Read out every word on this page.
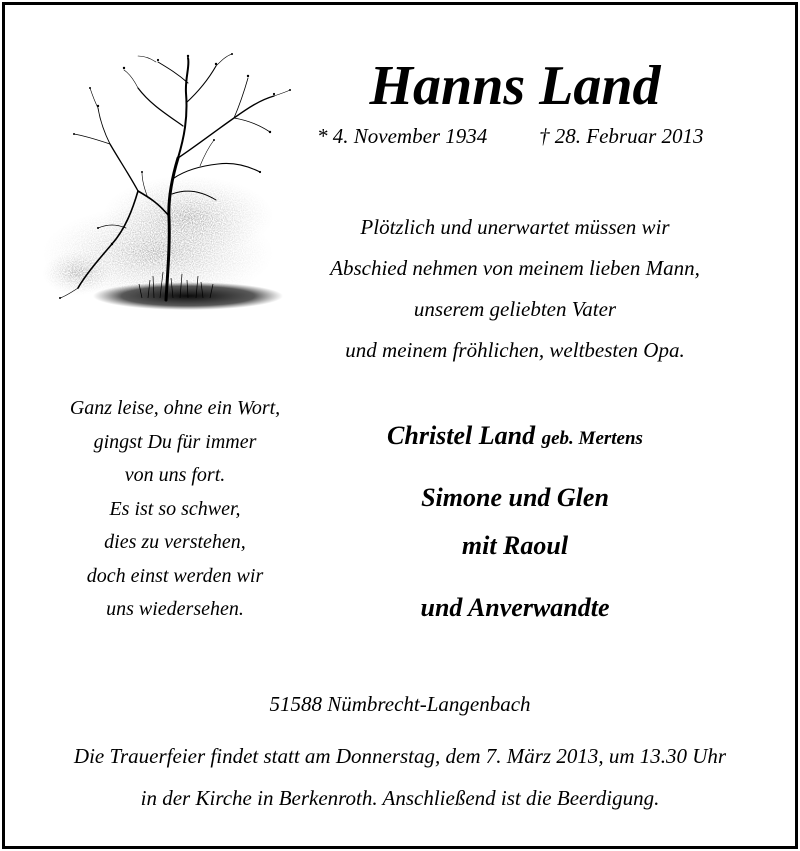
Hanns Land
* 4. November 1934 † 28. Februar 2013
Plötzlich und unerwartet müssen wir
Abschied nehmen von meinem lieben Mann,
unserem geliebten Vater
und meinem fröhlichen, weltbesten Opa.
Ganz leise, ohne ein Wort,
gingst Du für immer
von uns fort.
Es ist so schwer,
dies zu verstehen,
doch einst werden wir
uns wiedersehen.
Christel Land geb. Mertens
Simone und Glen
mit Raoul
und Anverwandte
51588 Nümbrecht-Langenbach
Die Trauerfeier findet statt am Donnerstag, dem 7. März 2013, um 13.30 Uhr
in der Kirche in Berkenroth. Anschließend ist die Beerdigung.
